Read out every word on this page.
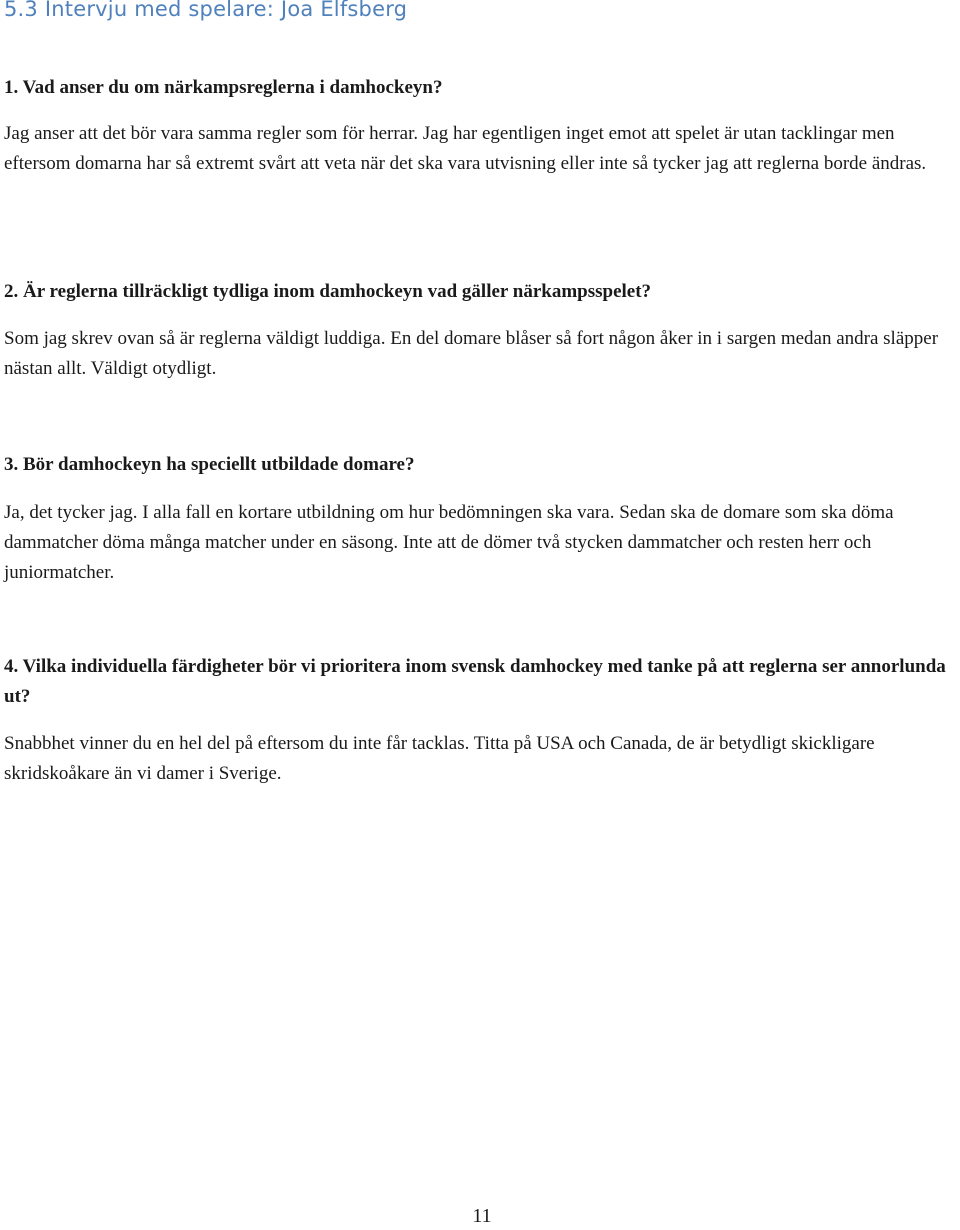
5.3 Intervju med spelare: Joa Elfsberg

1. Vad anser du om närkampsreglerna i damhockeyn?

Jag anser att det bör vara samma regler som för herrar. Jag har egentligen inget emot att spelet är utan tacklingar men eftersom domarna har så extremt svårt att veta när det ska vara utvisning eller inte så tycker jag att reglerna borde ändras.

2. Är reglerna tillräckligt tydliga inom damhockeyn vad gäller närkampsspelet?

Som jag skrev ovan så är reglerna väldigt luddiga. En del domare blåser så fort någon åker in i sargen medan andra släpper nästan allt. Väldigt otydligt.

3. Bör damhockeyn ha speciellt utbildade domare?

Ja, det tycker jag. I alla fall en kortare utbildning om hur bedömningen ska vara. Sedan ska de domare som ska döma dammatcher döma många matcher under en säsong. Inte att de dömer två stycken dammatcher och resten herr och juniormatcher.

4. Vilka individuella färdigheter bör vi prioritera inom svensk damhockey med tanke på att reglerna ser annorlunda ut?

Snabbhet vinner du en hel del på eftersom du inte får tacklas. Titta på USA och Canada, de är betydligt skickligare skridskoåkare än vi damer i Sverige.

11
